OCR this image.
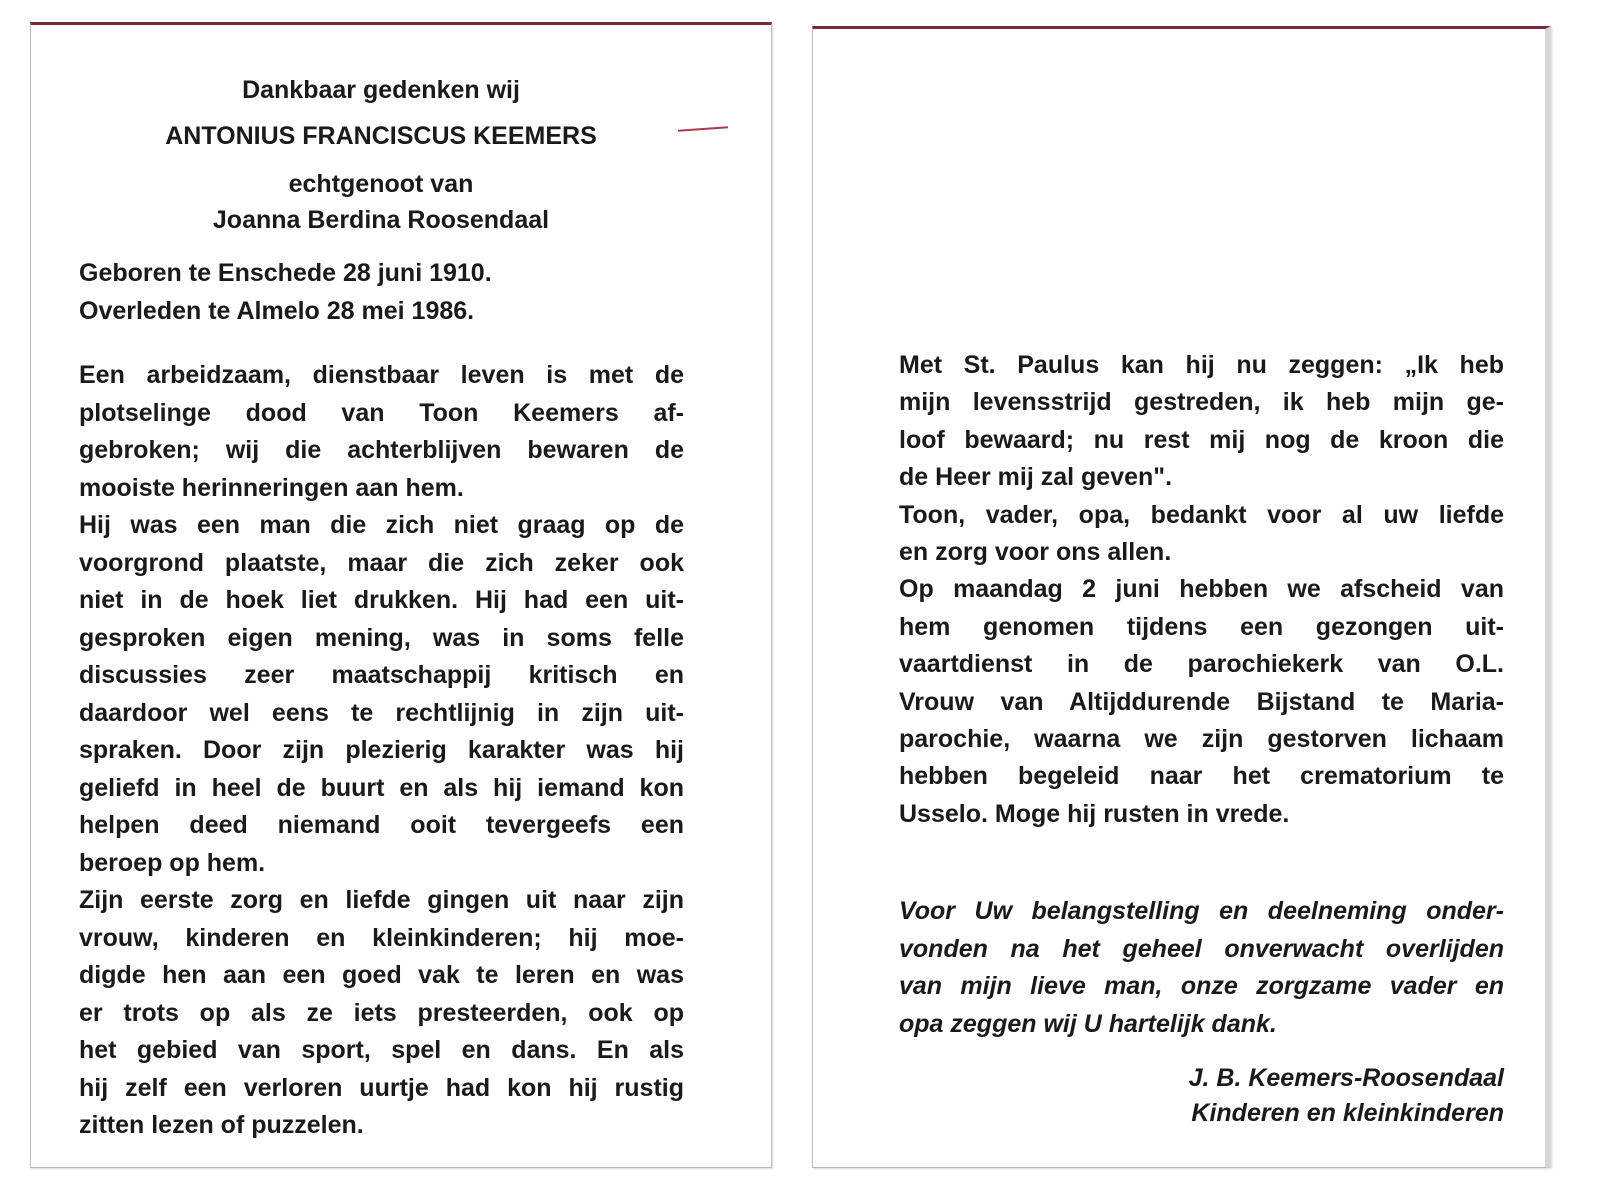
Dankbaar gedenken wij
ANTONIUS FRANCISCUS KEEMERS
echtgenoot van
Joanna Berdina Roosendaal
Geboren te Enschede 28 juni 1910.
Overleden te Almelo 28 mei 1986.
Een arbeidzaam, dienstbaar leven is met de
plotselinge dood van Toon Keemers af-
gebroken; wij die achterblijven bewaren de
mooiste herinneringen aan hem.
Hij was een man die zich niet graag op de
voorgrond plaatste, maar die zich zeker ook
niet in de hoek liet drukken. Hij had een uit-
gesproken eigen mening, was in soms felle
discussies zeer maatschappij kritisch en
daardoor wel eens te rechtlijnig in zijn uit-
spraken. Door zijn plezierig karakter was hij
geliefd in heel de buurt en als hij iemand kon
helpen deed niemand ooit tevergeefs een
beroep op hem.
Zijn eerste zorg en liefde gingen uit naar zijn
vrouw, kinderen en kleinkinderen; hij moe-
digde hen aan een goed vak te leren en was
er trots op als ze iets presteerden, ook op
het gebied van sport, spel en dans. En als
hij zelf een verloren uurtje had kon hij rustig
zitten lezen of puzzelen.
Met St. Paulus kan hij nu zeggen: „Ik heb
mijn levensstrijd gestreden, ik heb mijn ge-
loof bewaard; nu rest mij nog de kroon die
de Heer mij zal geven".
Toon, vader, opa, bedankt voor al uw liefde
en zorg voor ons allen.
Op maandag 2 juni hebben we afscheid van
hem genomen tijdens een gezongen uit-
vaartdienst in de parochiekerk van O.L.
Vrouw van Altijddurende Bijstand te Maria-
parochie, waarna we zijn gestorven lichaam
hebben begeleid naar het crematorium te
Usselo. Moge hij rusten in vrede.
Voor Uw belangstelling en deelneming onder-
vonden na het geheel onverwacht overlijden
van mijn lieve man, onze zorgzame vader en
opa zeggen wij U hartelijk dank.
J. B. Keemers-Roosendaal
Kinderen en kleinkinderen
